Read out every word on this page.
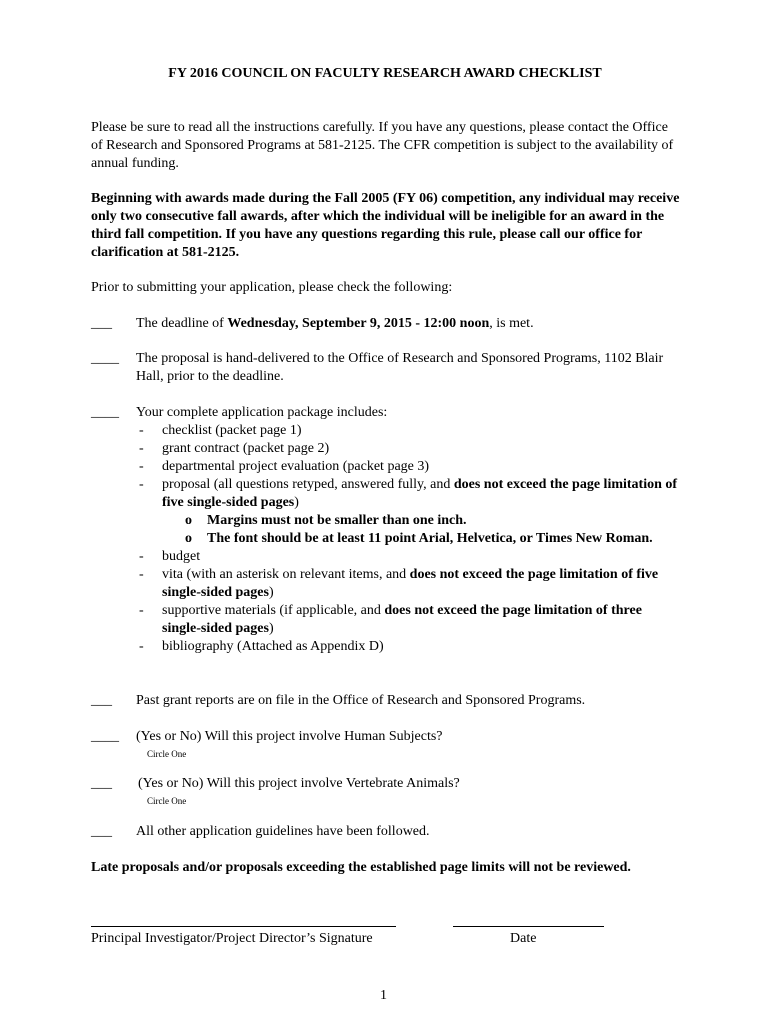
FY 2016 COUNCIL ON FACULTY RESEARCH AWARD CHECKLIST
Please be sure to read all the instructions carefully. If you have any questions, please contact the Office of Research and Sponsored Programs at 581-2125. The CFR competition is subject to the availability of annual funding.
Beginning with awards made during the Fall 2005 (FY 06) competition, any individual may receive only two consecutive fall awards, after which the individual will be ineligible for an award in the third fall competition. If you have any questions regarding this rule, please call our office for clarification at 581-2125.
Prior to submitting your application, please check the following:
___ The deadline of Wednesday, September 9, 2015 - 12:00 noon, is met.
____ The proposal is hand-delivered to the Office of Research and Sponsored Programs, 1102 Blair Hall, prior to the deadline.
____ Your complete application package includes:
- checklist (packet page 1)
- grant contract (packet page 2)
- departmental project evaluation (packet page 3)
- proposal (all questions retyped, answered fully, and does not exceed the page limitation of five single-sided pages)
o Margins must not be smaller than one inch.
o The font should be at least 11 point Arial, Helvetica, or Times New Roman.
- budget
- vita (with an asterisk on relevant items, and does not exceed the page limitation of five single-sided pages)
- supportive materials (if applicable, and does not exceed the page limitation of three single-sided pages)
- bibliography (Attached as Appendix D)
___ Past grant reports are on file in the Office of Research and Sponsored Programs.
____ (Yes or No) Will this project involve Human Subjects?
Circle One
___ (Yes or No) Will this project involve Vertebrate Animals?
Circle One
___ All other application guidelines have been followed.
Late proposals and/or proposals exceeding the established page limits will not be reviewed.
Principal Investigator/Project Director’s Signature	Date
1
